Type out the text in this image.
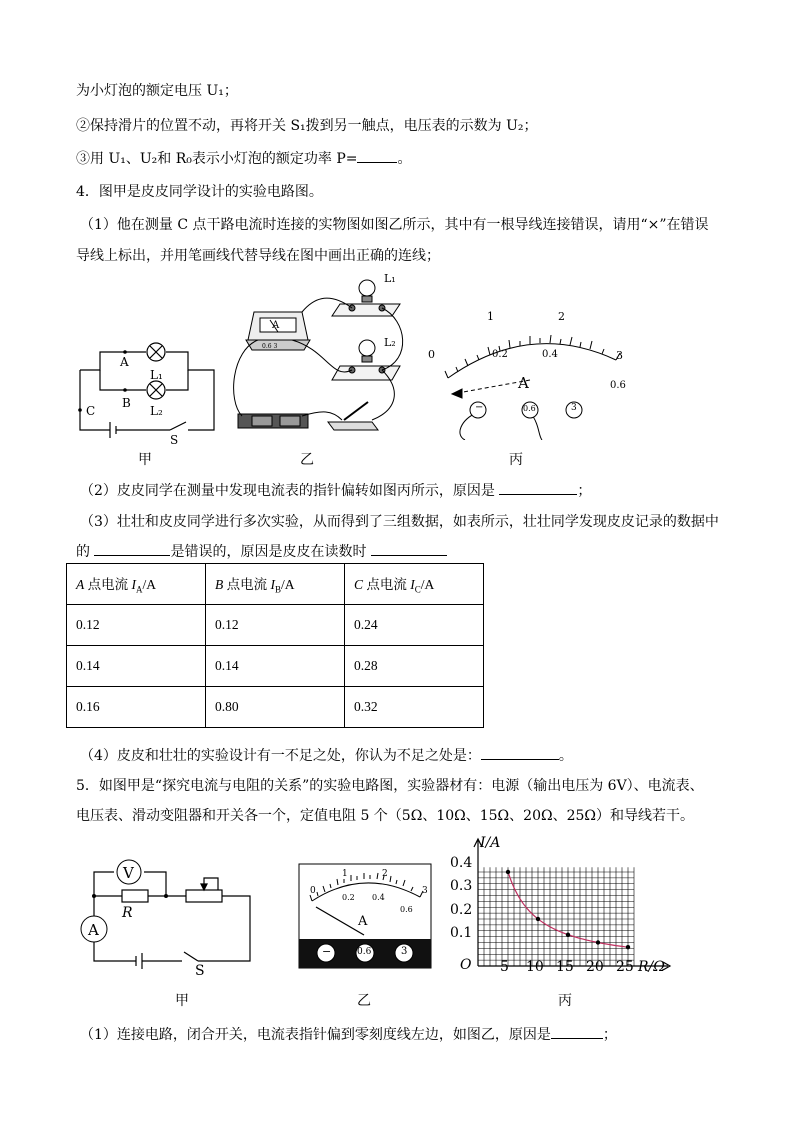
为小灯泡的额定电压 U₁；
②保持滑片的位置不动，再将开关 S₁拨到另一触点，电压表的示数为 U₂；
③用 U₁、U₂和 R₀表示小灯泡的额定功率 P=	。
4．图甲是皮皮同学设计的实验电路图。
（1）他在测量 C 点干路电流时连接的实物图如图乙所示，其中有一根导线连接错误，请用“×”在错误
导线上标出，并用笔画线代替导线在图中画出正确的连线；
A
L₁
B
L₂
C
S
甲
L₁
L₂
A
0.6 3
乙
0
1	2
3
0.2	0.4
0.6
A
−	0.6	3
丙
（2）皮皮同学在测量中发现电流表的指针偏转如图丙所示，原因是	；
（3）壮壮和皮皮同学进行多次实验，从而得到了三组数据，如表所示，壮壮同学发现皮皮记录的数据中
的	是错误的，原因是皮皮在读数时
A 点电流 $I_A/A$	B 点电流 $I_B/A$	C 点电流 $I_C/A$
0.12	0.12	0.24
0.14	0.14	0.28
0.16	0.80	0.32
（4）皮皮和壮壮的实验设计有一不足之处，你认为不足之处是：	。
5．如图甲是“探究电流与电阻的关系”的实验电路图，实验器材有：电源（输出电压为 6V）、电流表、
电压表、滑动变阻器和开关各一个，定值电阻 5 个（5Ω、10Ω、15Ω、20Ω、25Ω）和导线若干。
V
A
R
S
甲
0
1	2
3
0.2 0.4
0.6
A
−	0.6	3
乙
I/A
R/Ω
O
0.4
0.3
0.2
0.1
5 10 15 20 25
丙
（1）连接电路，闭合开关，电流表指针偏到零刻度线左边，如图乙，原因是	；
